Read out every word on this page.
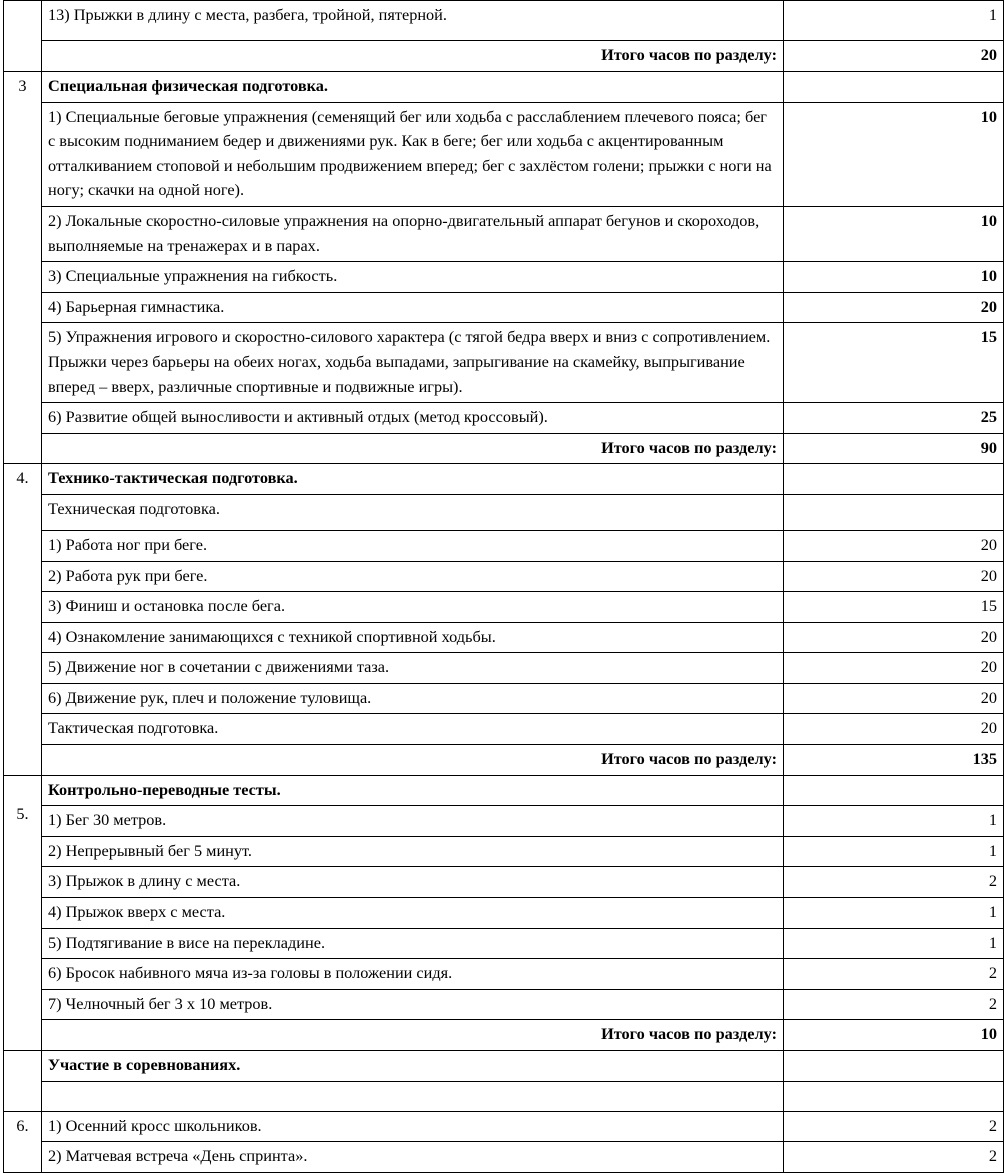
	13) Прыжки в длину с места, разбега, тройной, пятерной.	1
	Итого часов по разделу:	20
3	Специальная физическая подготовка.	
	1) Специальные беговые упражнения (семенящий бег или ходьба с расслаблением плечевого пояса; бег с высоким подниманием бедер и движениями рук. Как в беге; бег или ходьба с акцентированным отталкиванием стоповой и небольшим продвижением вперед; бег с захлёстом голени; прыжки с ноги на ногу; скачки на одной ноге).	10
	2) Локальные скоростно-силовые упражнения на опорно-двигательный аппарат бегунов и скороходов, выполняемые на тренажерах и в парах.	10
	3) Специальные упражнения на гибкость.	10
	4) Барьерная гимнастика.	20
	5) Упражнения игрового и скоростно-силового характера (с тягой бедра вверх и вниз с сопротивлением. Прыжки через барьеры на обеих ногах, ходьба выпадами, запрыгивание на скамейку, выпрыгивание вперед – вверх, различные спортивные и подвижные игры).	15
	6) Развитие общей выносливости и активный отдых (метод кроссовый).	25
	Итого часов по разделу:	90
4.	Технико-тактическая подготовка.	
	Техническая подготовка.	
	1) Работа ног при беге.	20
	2) Работа рук при беге.	20
	3) Финиш и остановка после бега.	15
	4) Ознакомление занимающихся с техникой спортивной ходьбы.	20
	5) Движение ног в сочетании с движениями таза.	20
	6) Движение рук, плеч и положение туловища.	20
	Тактическая подготовка.	20
	Итого часов по разделу:	135
5.	Контрольно-переводные тесты.	
	1) Бег 30 метров.	1
	2) Непрерывный бег 5 минут.	1
	3) Прыжок в длину с места.	2
	4) Прыжок вверх с места.	1
	5) Подтягивание в висе на перекладине.	1
	6) Бросок набивного мяча из-за головы в положении сидя.	2
	7) Челночный бег 3 х 10 метров.	2
	Итого часов по разделу:	10
	Участие в соревнованиях.	

6.	1) Осенний кросс школьников.	2
	2) Матчевая встреча «День спринта».	2
